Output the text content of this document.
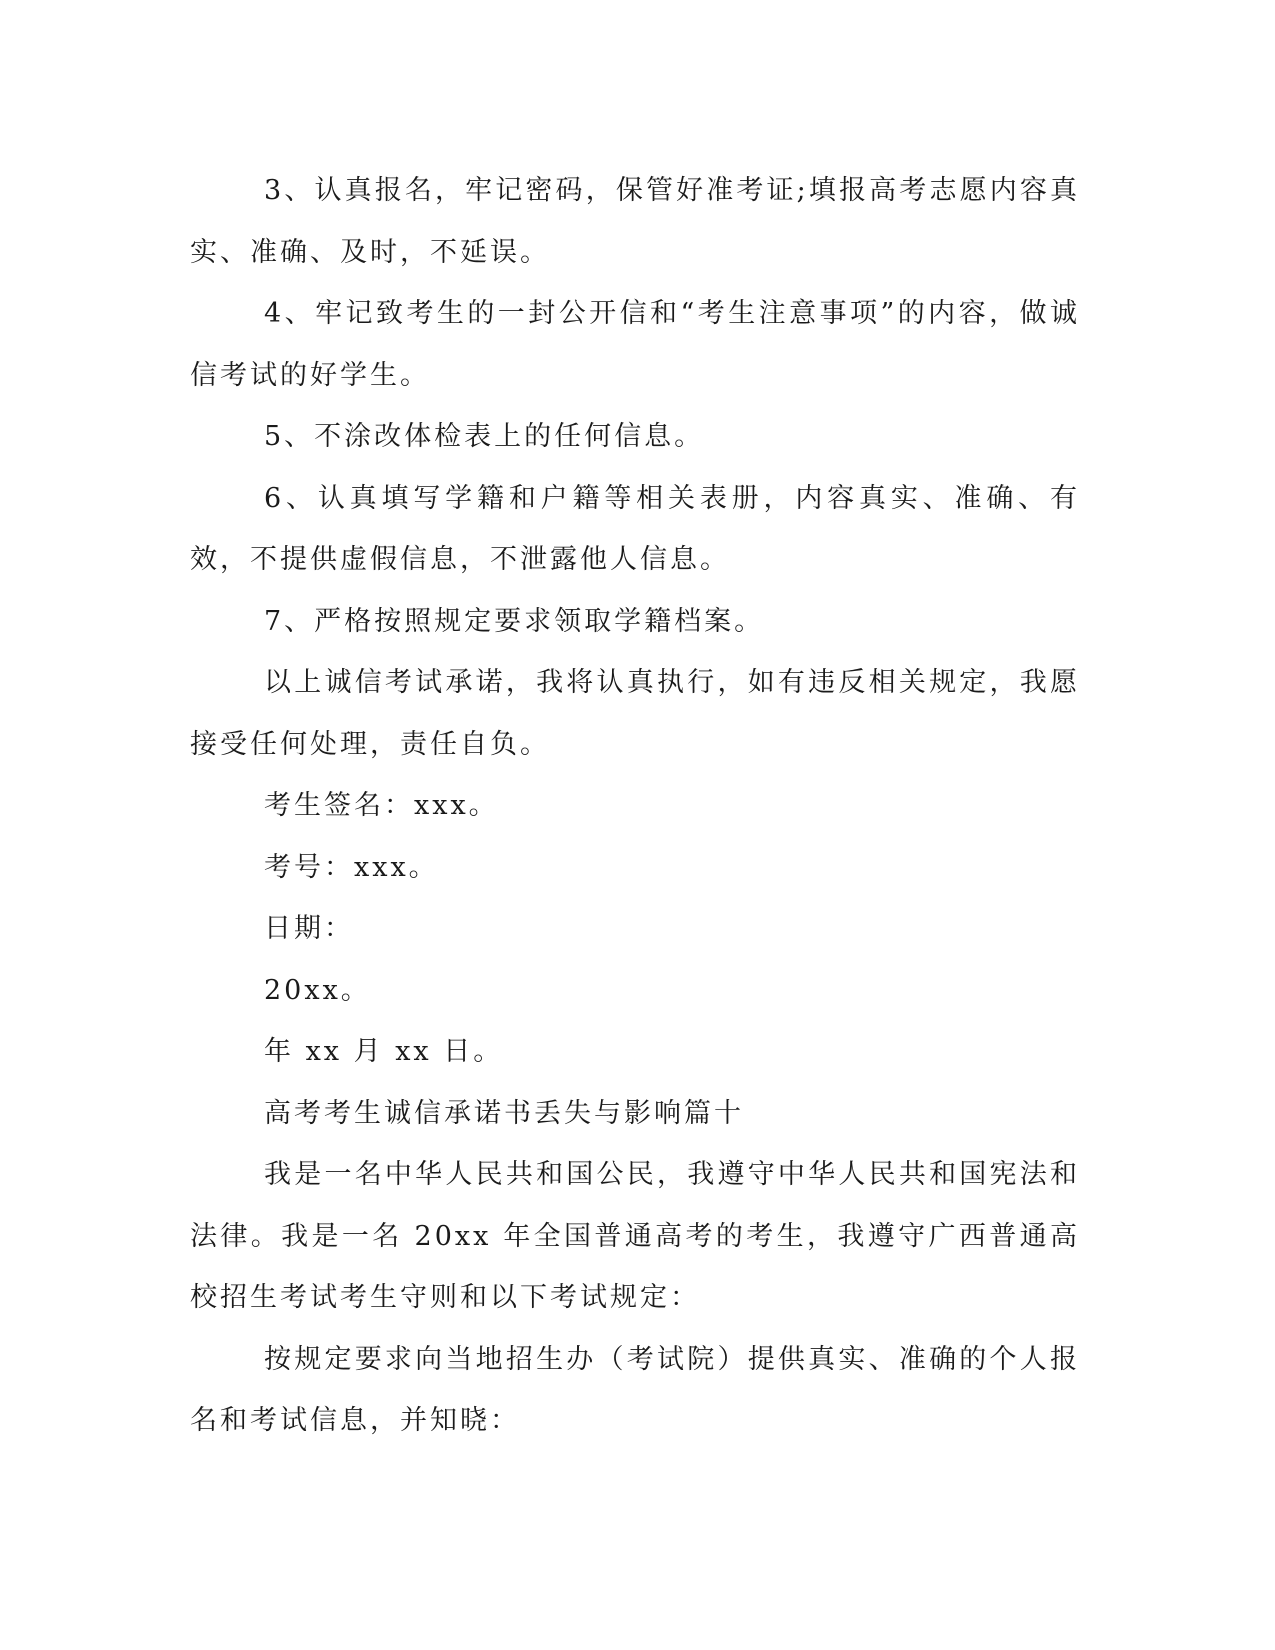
3、认真报名，牢记密码，保管好准考证;填报高考志愿内容真实、准确、及时，不延误。

4、牢记致考生的一封公开信和“考生注意事项”的内容，做诚信考试的好学生。

5、不涂改体检表上的任何信息。

6、认真填写学籍和户籍等相关表册，内容真实、准确、有效，不提供虚假信息，不泄露他人信息。

7、严格按照规定要求领取学籍档案。

以上诚信考试承诺，我将认真执行，如有违反相关规定，我愿接受任何处理，责任自负。

考生签名：xxx。

考号：xxx。

日期：

20xx。

年 xx 月 xx 日。

高考考生诚信承诺书丢失与影响篇十

我是一名中华人民共和国公民，我遵守中华人民共和国宪法和法律。我是一名 20xx 年全国普通高考的考生，我遵守广西普通高校招生考试考生守则和以下考试规定：

按规定要求向当地招生办（考试院）提供真实、准确的个人报名和考试信息，并知晓：
